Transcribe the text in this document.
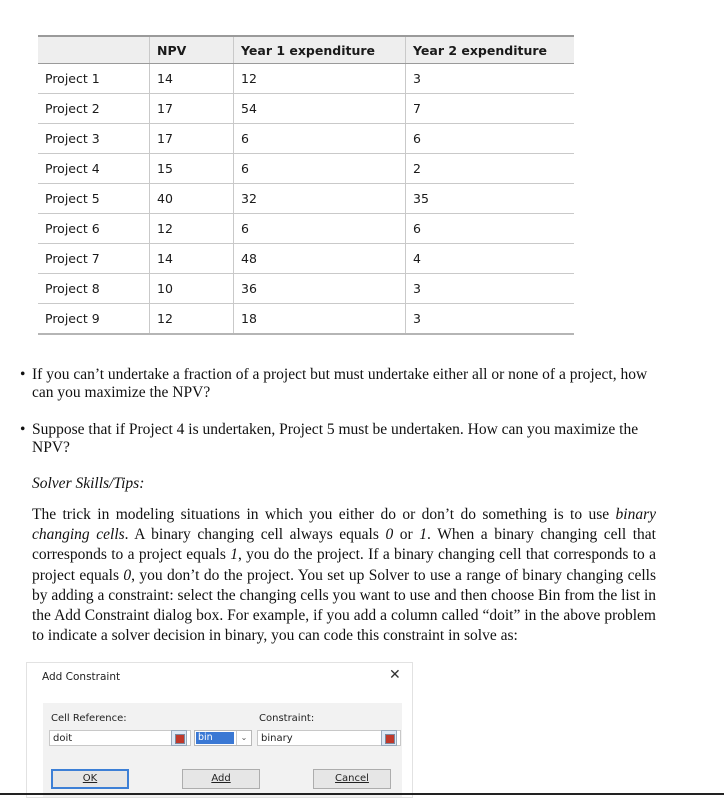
	NPV	Year 1 expenditure	Year 2 expenditure
Project 1	14	12	3
Project 2	17	54	7
Project 3	17	6	6
Project 4	15	6	2
Project 5	40	32	35
Project 6	12	6	6
Project 7	14	48	4
Project 8	10	36	3
Project 9	12	18	3
• If you can’t undertake a fraction of a project but must undertake either all or none of a project, how can you maximize the NPV?
• Suppose that if Project 4 is undertaken, Project 5 must be undertaken. How can you maximize the NPV?
Solver Skills/Tips:
The trick in modeling situations in which you either do or don’t do something is to use binary changing cells. A binary changing cell always equals 0 or 1. When a binary changing cell that corresponds to a project equals 1, you do the project. If a binary changing cell that corresponds to a project equals 0, you don’t do the project. You set up Solver to use a range of binary changing cells by adding a constraint: select the changing cells you want to use and then choose Bin from the list in the Add Constraint dialog box. For example, if you add a column called “doit” in the above problem to indicate a solver decision in binary, you can code this constraint in solve as:
Add Constraint	✕
Cell Reference:
doit	bin	⌄
Constraint:
binary
OK	Add	Cancel
